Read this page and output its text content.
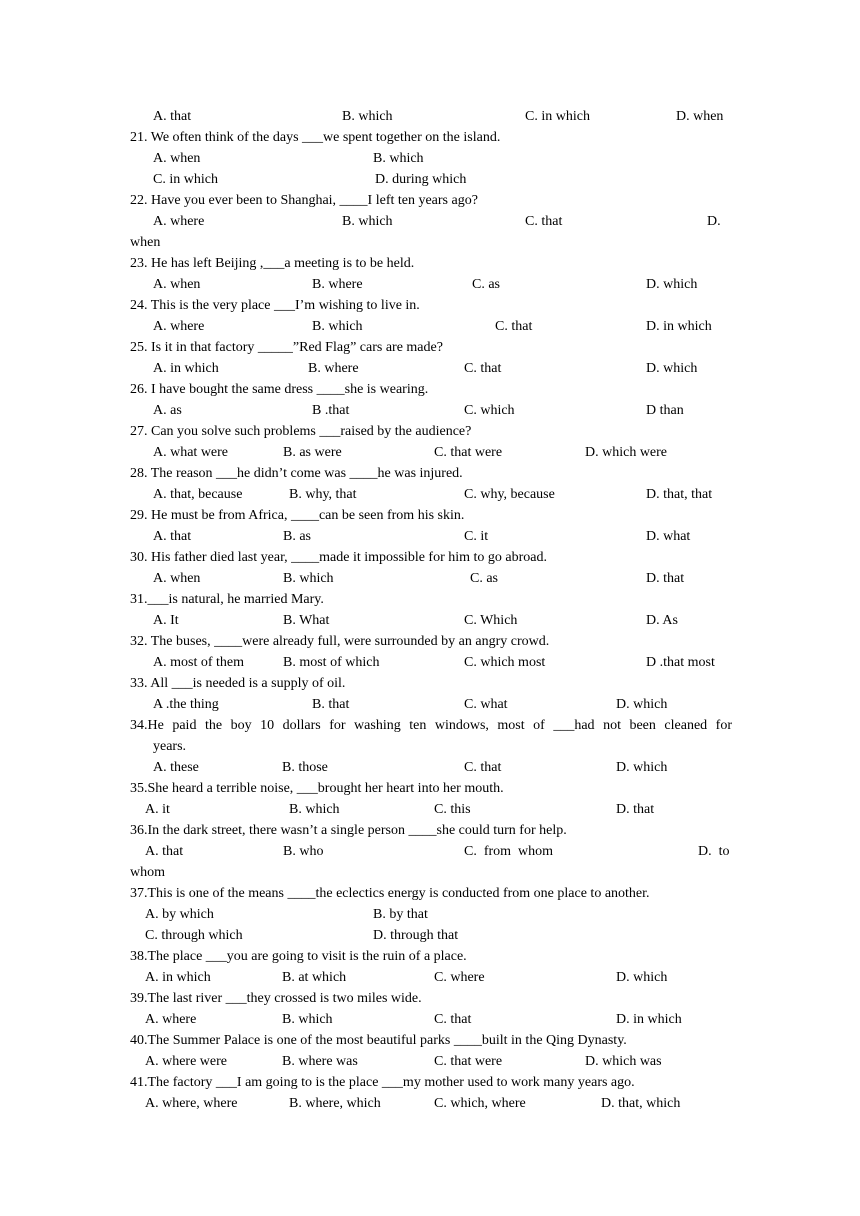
A. that	B. which	C. in which	D. when
21. We often think of the days ___we spent together on the island.
A. when	B. which
C. in which	D. during which
22. Have you ever been to Shanghai, ____I left ten years ago?
A. where	B. which	C. that	D.
when
23. He has left Beijing ,___a meeting is to be held.
A. when	B. where	C. as	D. which
24. This is the very place ___I’m wishing to live in.
A. where	B. which	C. that	D. in which
25. Is it in that factory _____”Red Flag” cars are made?
A. in which	B. where	C. that	D. which
26. I have bought the same dress ____she is wearing.
A. as	B .that	C. which	D than
27. Can you solve such problems ___raised by the audience?
A. what were	B. as were	C. that were	D. which were
28. The reason ___he didn’t come was ____he was injured.
A. that, because	B. why, that	C. why, because	D. that, that
29. He must be from Africa, ____can be seen from his skin.
A. that	B. as	C. it	D. what
30. His father died last year, ____made it impossible for him to go abroad.
A. when	B. which	C. as	D. that
31.___is natural, he married Mary.
A. It	B. What	C. Which	D. As
32. The buses, ____were already full, were surrounded by an angry crowd.
A. most of them	B. most of which	C. which most	D .that most
33. All ___is needed is a supply of oil.
A .the thing	B. that	C. what	D. which
34.He paid the boy 10 dollars for washing ten windows, most of ___had not been cleaned for
years.
A. these	B. those	C. that	D. which
35.She heard a terrible noise, ___brought her heart into her mouth.
A. it	B. which	C. this	D. that
36.In the dark street, there wasn’t a single person ____she could turn for help.
A. that	B. who	C.  from  whom	D.  to
whom
37.This is one of the means ____the eclectics energy is conducted from one place to another.
A. by which	B. by that
C. through which	D. through that
38.The place ___you are going to visit is the ruin of a place.
A. in which	B. at which	C. where	D. which
39.The last river ___they crossed is two miles wide.
A. where	B. which	C. that	D. in which
40.The Summer Palace is one of the most beautiful parks ____built in the Qing Dynasty.
A. where were	B. where was	C. that were	D. which was
41.The factory ___I am going to is the place ___my mother used to work many years ago.
A. where, where	B. where, which	C. which, where	D. that, which
